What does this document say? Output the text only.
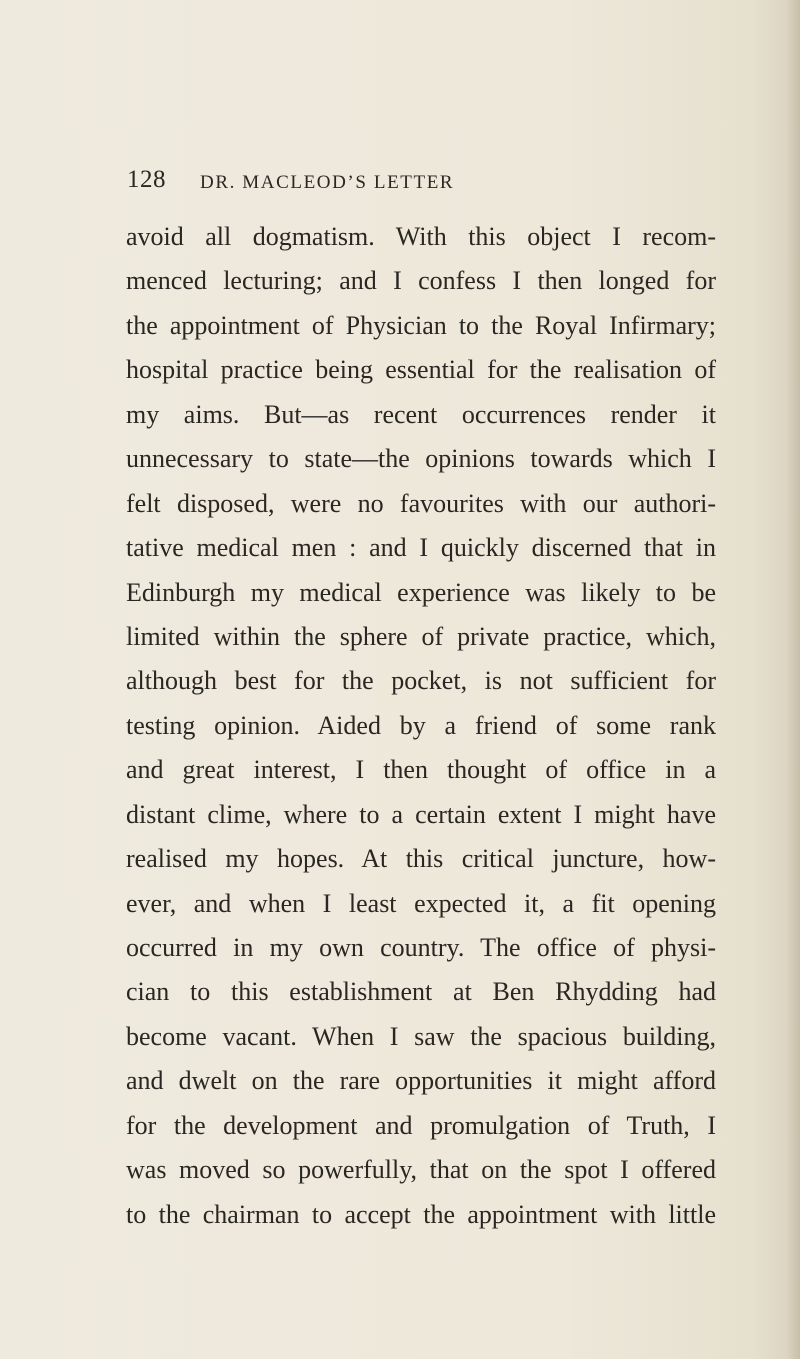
128 DR. MACLEOD’S LETTER
avoid all dogmatism. With this object I recom-
menced lecturing; and I confess I then longed for
the appointment of Physician to the Royal Infirmary;
hospital practice being essential for the realisation of
my aims. But—as recent occurrences render it
unnecessary to state—the opinions towards which I
felt disposed, were no favourites with our authori-
tative medical men : and I quickly discerned that in
Edinburgh my medical experience was likely to be
limited within the sphere of private practice, which,
although best for the pocket, is not sufficient for
testing opinion. Aided by a friend of some rank
and great interest, I then thought of office in a
distant clime, where to a certain extent I might have
realised my hopes. At this critical juncture, how-
ever, and when I least expected it, a fit opening
occurred in my own country. The office of physi-
cian to this establishment at Ben Rhydding had
become vacant. When I saw the spacious building,
and dwelt on the rare opportunities it might afford
for the development and promulgation of Truth, I
was moved so powerfully, that on the spot I offered
to the chairman to accept the appointment with little
